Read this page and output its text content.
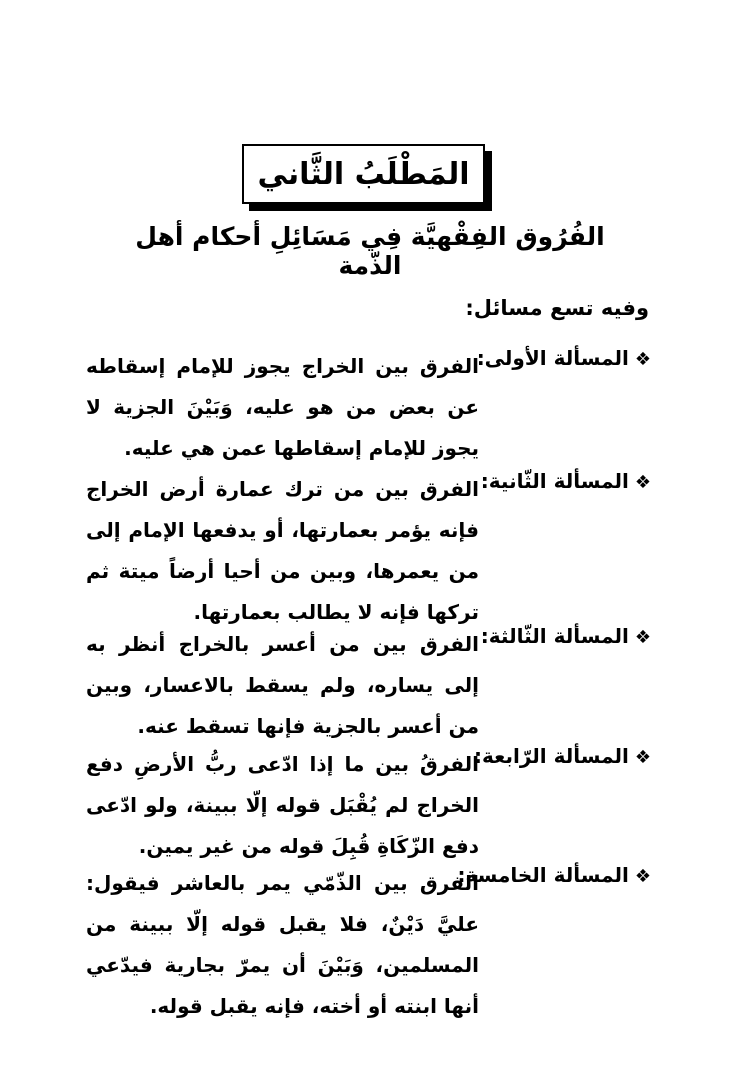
المَطْلَبُ الثَّاني
الفُرُوق الفِقْهيَّة فِي مَسَائِلِ أحكام أهل الذّمة
وفيه تسع مسائل:
❖المسألة الأولى:
الفرق بين الخراج يجوز للإمام إسقاطه عن بعض من هو عليه، وَبَيْنَ الجزية لا يجوز للإمام إسقاطها عمن هي عليه.
❖المسألة الثّانية:
الفرق بين من ترك عمارة أرض الخراج فإنه يؤمر بعمارتها، أو يدفعها الإمام إلى من يعمرها، وبين من أحيا أرضاً ميتة ثم تركها فإنه لا يطالب بعمارتها.
❖المسألة الثّالثة:
الفرق بين من أعسر بالخراج أنظر به إلى يساره، ولم يسقط بالاعسار، وبين من أعسر بالجزية فإنها تسقط عنه.
❖المسألة الرّابعة:
الفرقُ بين ما إذا ادّعى ربُّ الأرضِ دفع الخراج لم يُقْبَل قوله إلّا ببينة، ولو ادّعى دفع الزّكَاةِ قُبِلَ قوله من غير يمين.
❖المسألة الخامسة:
الفرق بين الذّمّي يمر بالعاشر فيقول: عليَّ دَيْنٌ، فلا يقبل قوله إلّا ببينة من المسلمين، وَبَيْنَ أن يمرّ بجارية فيدّعي أنها ابنته أو أخته، فإنه يقبل قوله.
